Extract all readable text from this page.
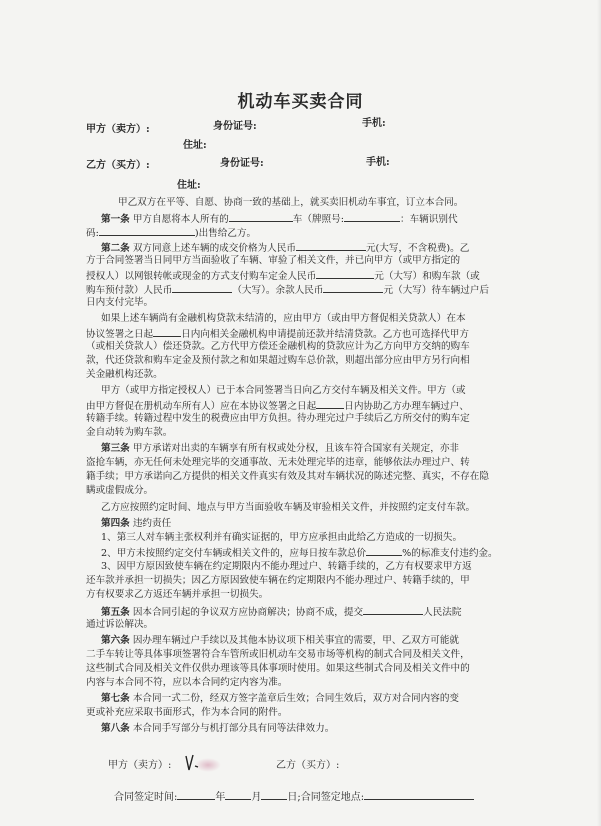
机动车买卖合同
甲方（卖方）:	身份证号:	手机:
住址:
乙方（买方）:	身份证号:	手机:
住址:
甲乙双方在平等、自愿、协商一致的基础上，就买卖旧机动车事宜，订立本合同。
第一条 甲方自愿将本人所有的	车（牌照号:	：车辆识别代
码:	)出售给乙方。
第二条 双方同意上述车辆的成交价格为人民币	元(大写，不含税费)。乙
方于合同签署当日同甲方当面验收了车辆、审验了相关文件，并已向甲方（或甲方指定的
授权人）以网银转帐或现金的方式支付购车定金人民币	元（大写）和购车款（或
购车预付款）人民币	（大写）。余款人民币	元（大写）待车辆过户后
日内支付完毕。
如果上述车辆尚有金融机构贷款未结清的，应由甲方（或由甲方督促相关贷款人）在本
协议签署之日起	日内向相关金融机构申请提前还款并结清贷款。乙方也可选择代甲方
（或相关贷款人）偿还贷款。乙方代甲方偿还金融机构的贷款应计为乙方向甲方交纳的购车
款，代还贷款和购车定金及预付款之和如果超过购车总价款，则超出部分应由甲方另行向相
关金融机构还款。
甲方（或甲方指定授权人）已于本合同签署当日向乙方交付车辆及相关文件。甲方（或
由甲方督促在册机动车所有人）应在本协议签署之日起	日内协助乙方办理车辆过户、
转籍手续。转籍过程中发生的税费应由甲方负担。待办理完过户手续后乙方所交付的购车定
金自动转为购车款。
第三条 甲方承诺对出卖的车辆享有所有权或处分权，且该车符合国家有关规定，亦非
盗抢车辆，亦无任何未处理完毕的交通事故、无未处理完毕的违章，能够依法办理过户、转
籍手续；甲方承诺向乙方提供的相关文件真实有效及其对车辆状况的陈述完整、真实，不存在隐
瞒或虚假成分。
乙方应按照约定时间、地点与甲方当面验收车辆及审验相关文件，并按照约定支付车款。
第四条 违约责任
1、第三人对车辆主张权利并有确实证据的，甲方应承担由此给乙方造成的一切损失。
2、甲方未按照约定交付车辆或相关文件的，应每日按车款总价	%的标准支付违约金。
3、因甲方原因致使车辆在约定期限内不能办理过户、转籍手续的，乙方有权要求甲方返
还车款并承担一切损失；因乙方原因致使车辆在约定期限内不能办理过户、转籍手续的，甲
方有权要求乙方返还车辆并承担一切损失。
第五条 因本合同引起的争议双方应协商解决；协商不成，提交	人民法院
通过诉讼解决。
第六条 因办理车辆过户手续以及其他本协议项下相关事宜的需要，甲、乙双方可能就
二手车转让等具体事项签署符合车管所或旧机动车交易市场等机构的制式合同及相关文件，
这些制式合同及相关文件仅供办理该等具体事项时使用。如果这些制式合同及相关文件中的
内容与本合同不符，应以本合同约定内容为准。
第七条 本合同一式二份，经双方签字盖章后生效；合同生效后，双方对合同内容的变
更或补充应采取书面形式，作为本合同的附件。
第八条 本合同手写部分与机打部分具有同等法律效力。
甲方（卖方）:	乙方（买方）:
合同签定时间:	年	月	日;合同签定地点:
